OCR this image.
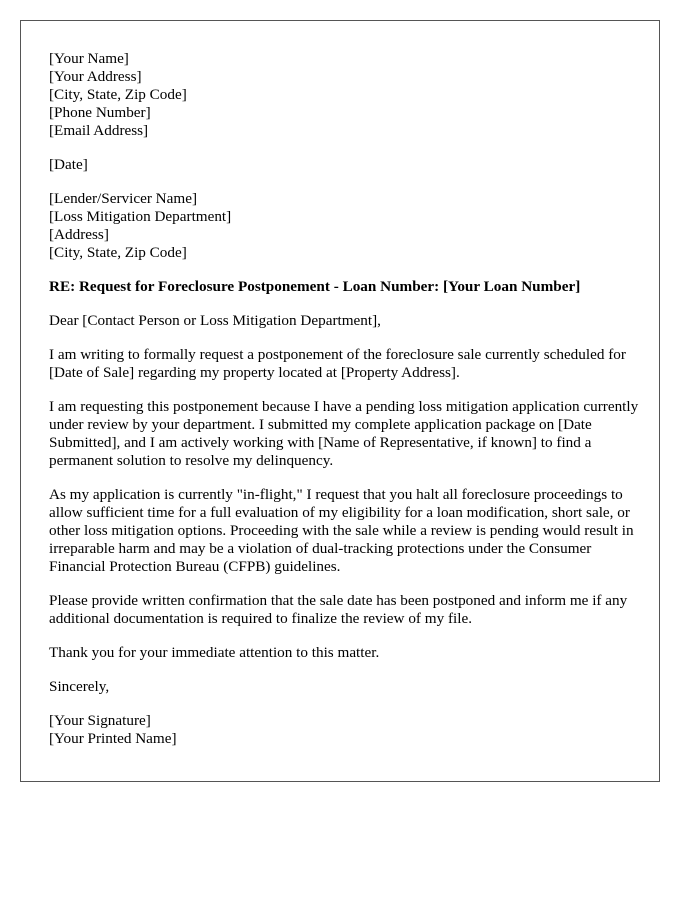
[Your Name]
[Your Address]
[City, State, Zip Code]
[Phone Number]
[Email Address]
[Date]
[Lender/Servicer Name]
[Loss Mitigation Department]
[Address]
[City, State, Zip Code]

RE: Request for Foreclosure Postponement - Loan Number: [Your Loan Number]

Dear [Contact Person or Loss Mitigation Department],

I am writing to formally request a postponement of the foreclosure sale currently scheduled for [Date of Sale] regarding my property located at [Property Address].

I am requesting this postponement because I have a pending loss mitigation application currently under review by your department. I submitted my complete application package on [Date Submitted], and I am actively working with [Name of Representative, if known] to find a permanent solution to resolve my delinquency.

As my application is currently "in-flight," I request that you halt all foreclosure proceedings to allow sufficient time for a full evaluation of my eligibility for a loan modification, short sale, or other loss mitigation options. Proceeding with the sale while a review is pending would result in irreparable harm and may be a violation of dual-tracking protections under the Consumer Financial Protection Bureau (CFPB) guidelines.

Please provide written confirmation that the sale date has been postponed and inform me if any additional documentation is required to finalize the review of my file.

Thank you for your immediate attention to this matter.

Sincerely,

[Your Signature]
[Your Printed Name]
